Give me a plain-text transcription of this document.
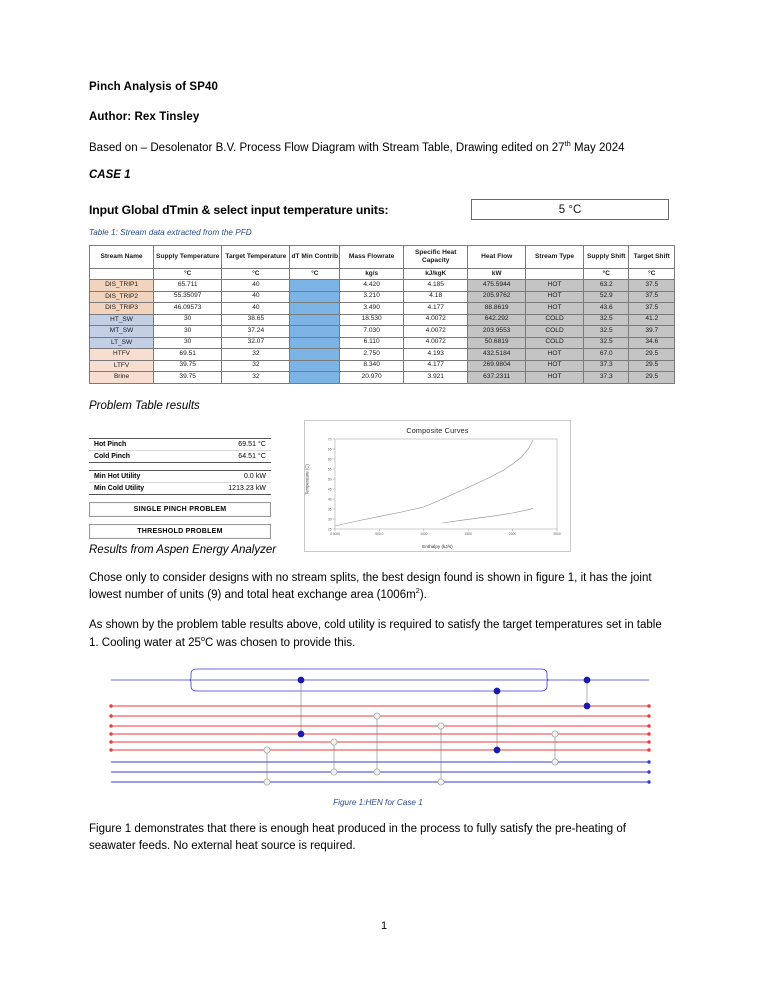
Pinch Analysis of SP40
Author: Rex Tinsley
Based on – Desolenator B.V. Process Flow Diagram with Stream Table, Drawing edited on 27th May 2024
CASE 1
Input Global dTmin & select input temperature units:	5 °C
Table 1: Stream data extracted from the PFD
Stream Name	Supply Temperature	Target Temperature	dT Min Contrib	Mass Flowrate	Specific Heat Capacity	Heat Flow	Stream Type	Supply Shift	Target Shift
	°C	°C	°C	kg/s	kJ/kgK	kW		°C	°C
DIS_TRIP1	65.711	40		4.420	4.185	475.5944	HOT	63.2	37.5
DIS_TRIP2	55.35097	40		3.210	4.18	205.9762	HOT	52.9	37.5
DIS_TRIP3	46.09573	40		3.490	4.177	88.8619	HOT	43.6	37.5
HT_SW	30	38.65		18.530	4.0072	642.292	COLD	32.5	41.2
MT_SW	30	37.24		7.030	4.0072	203.9553	COLD	32.5	39.7
LT_SW	30	32.07		6.110	4.0072	50.6819	COLD	32.5	34.6
HTFV	69.51	32		2.750	4.193	432.5184	HOT	67.0	29.5
LTFV	39.75	32		8.340	4.177	269.9804	HOT	37.3	29.5
Brine	39.75	32		20.970	3.921	637.2311	HOT	37.3	29.5
Problem Table results
Hot Pinch	69.51 °C
Cold Pinch	64.51 °C
Min Hot Utility	0.0 kW
Min Cold Utility	1213.23 kW
SINGLE PINCH PROBLEM
THRESHOLD PROBLEM
Composite Curves
70
65
60
55
50
45
40
35
30
25
0.0000	500.0	1000	1500	2000	2500
Temperature (C)
Enthalpy (kJ/s)
Results from Aspen Energy Analyzer
Chose only to consider designs with no stream splits, the best design found is shown in figure 1, it has the joint lowest number of units (9) and total heat exchange area $(1006m^2)$.
As shown by the problem table results above, cold utility is required to satisfy the target temperatures set in table 1. Cooling water at 25$^o$C was chosen to provide this.
Figure 1:HEN for Case 1
Figure 1 demonstrates that there is enough heat produced in the process to fully satisfy the pre-heating of seawater feeds. No external heat source is required.
1
